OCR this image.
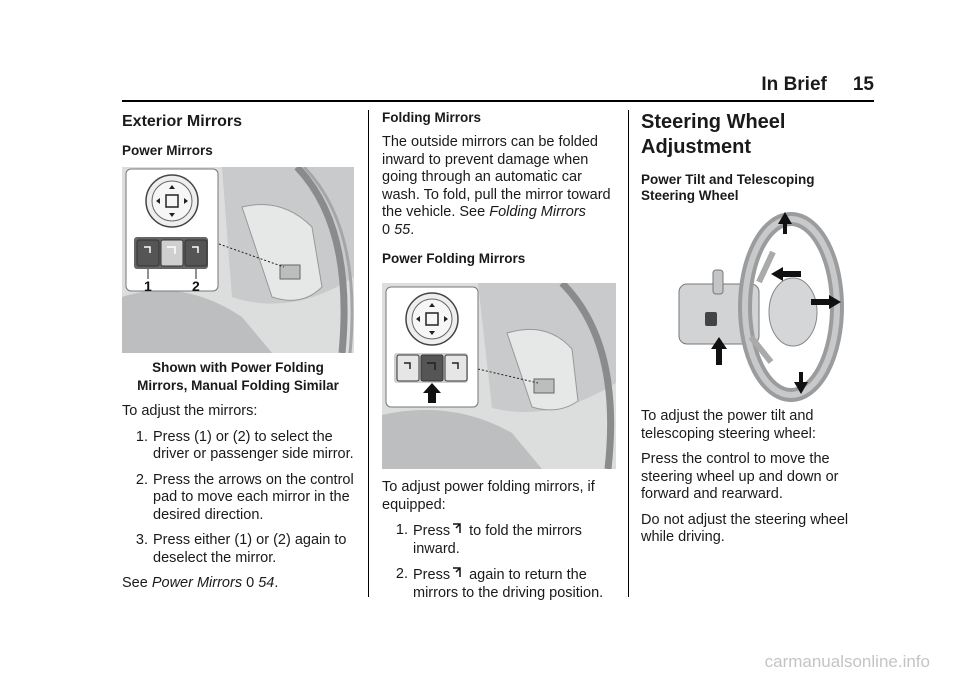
In Brief 15
Exterior Mirrors
Power Mirrors
1	2
Shown with Power Folding
Mirrors, Manual Folding Similar

To adjust the mirrors:

1. Press (1) or (2) to select the driver or passenger side mirror.
2. Press the arrows on the control pad to move each mirror in the desired direction.
3. Press either (1) or (2) again to deselect the mirror.

See Power Mirrors 0 54.

Folding Mirrors

The outside mirrors can be folded inward to prevent damage when going through an automatic car wash. To fold, pull the mirror toward the vehicle. See Folding Mirrors
0 55.

Power Folding Mirrors

To adjust power folding mirrors, if equipped:

1. Press to fold the mirrors inward.
2. Press again to return the mirrors to the driving position.
Steering Wheel Adjustment
Power Tilt and Telescoping Steering Wheel

To adjust the power tilt and telescoping steering wheel:

Press the control to move the steering wheel up and down or forward and rearward.

Do not adjust the steering wheel while driving.

carmanualsonline.info
